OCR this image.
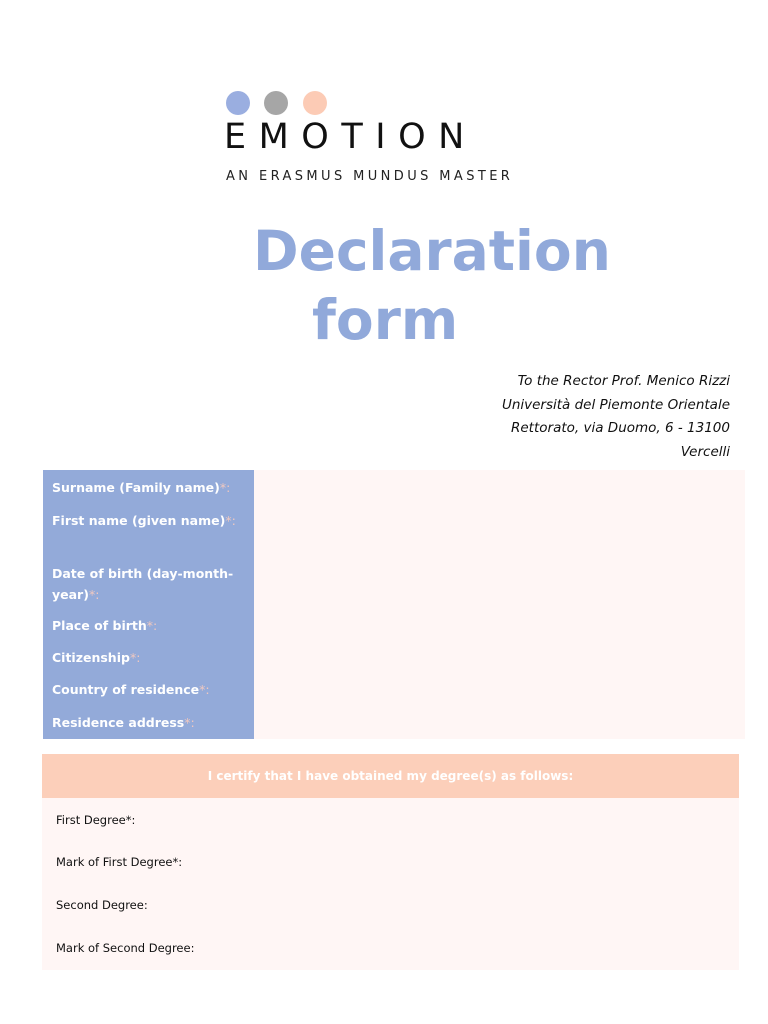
EMOTION
AN ERASMUS MUNDUS MASTER
Declaration
form
To the Rector Prof. Menico Rizzi
Università del Piemonte Orientale
Rettorato, via Duomo, 6 - 13100
Vercelli
Surname (Family name)*:
First name (given name)*:
Date of birth (day-month-year)*:
Place of birth*:
Citizenship*:
Country of residence*:
Residence address*:
I certify that I have obtained my degree(s) as follows:
First Degree*:
Mark of First Degree*:
Second Degree:
Mark of Second Degree:
